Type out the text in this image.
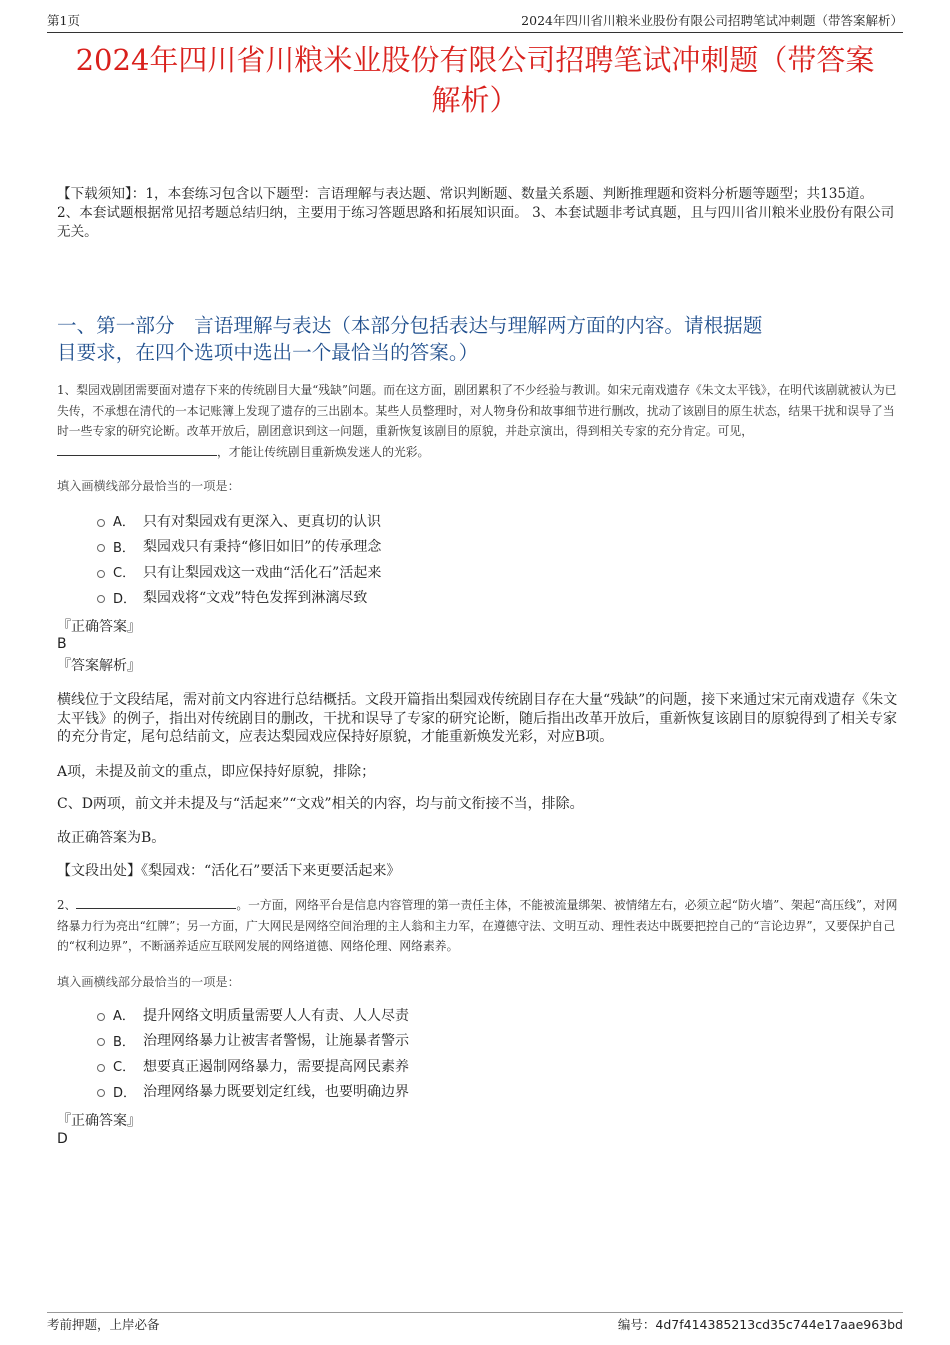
第1页	2024年四川省川粮米业股份有限公司招聘笔试冲刺题（带答案解析）
2024年四川省川粮米业股份有限公司招聘笔试冲刺题（带答案
解析）
【下载须知】：1，本套练习包含以下题型：言语理解与表达题、常识判断题、数量关系题、判断推理题和资料分析题等题型；共135道。 2、本套试题根据常见招考题总结归纳，主要用于练习答题思路和拓展知识面。 3、本套试题非考试真题，且与四川省川粮米业股份有限公司无关。
一、第一部分　言语理解与表达（本部分包括表达与理解两方面的内容。请根据题
目要求，在四个选项中选出一个最恰当的答案。）
1、梨园戏剧团需要面对遗存下来的传统剧目大量“残缺”问题。而在这方面，剧团累积了不少经验与教训。如宋元南戏遗存《朱文太平钱》，在明代该剧就被认为已失传，不承想在清代的一本记账簿上发现了遗存的三出剧本。某些人员整理时，对人物身份和故事细节进行删改，扰动了该剧目的原生状态，结果干扰和误导了当时一些专家的研究论断。改革开放后，剧团意识到这一问题，重新恢复该剧目的原貌，并赴京演出，得到相关专家的充分肯定。可见，，才能让传统剧目重新焕发迷人的光彩。
填入画横线部分最恰当的一项是：
A． 只有对梨园戏有更深入、更真切的认识
B． 梨园戏只有秉持“修旧如旧”的传承理念
C． 只有让梨园戏这一戏曲“活化石”活起来
D． 梨园戏将“文戏”特色发挥到淋漓尽致
『正确答案』
B
『答案解析』
横线位于文段结尾，需对前文内容进行总结概括。文段开篇指出梨园戏传统剧目存在大量“残缺”的问题，接下来通过宋元南戏遗存《朱文太平钱》的例子，指出对传统剧目的删改，干扰和误导了专家的研究论断，随后指出改革开放后，重新恢复该剧目的原貌得到了相关专家的充分肯定，尾句总结前文，应表达梨园戏应保持好原貌，才能重新焕发光彩，对应B项。
A项，未提及前文的重点，即应保持好原貌，排除；
C、D两项，前文并未提及与“活起来”“文戏”相关的内容，均与前文衔接不当，排除。
故正确答案为B。
【文段出处】《梨园戏：“活化石”要活下来更要活起来》
2、	。一方面，网络平台是信息内容管理的第一责任主体，不能被流量绑架、被情绪左右，必须立起“防火墙”、架起“高压线”，对网络暴力行为亮出“红牌”；另一方面，广大网民是网络空间治理的主人翁和主力军，在遵德守法、文明互动、理性表达中既要把控自己的“言论边界”，又要保护自己的“权利边界”，不断涵养适应互联网发展的网络道德、网络伦理、网络素养。
填入画横线部分最恰当的一项是：
A． 提升网络文明质量需要人人有责、人人尽责
B． 治理网络暴力让被害者警惕，让施暴者警示
C． 想要真正遏制网络暴力，需要提高网民素养
D． 治理网络暴力既要划定红线，也要明确边界
『正确答案』
D
考前押题，上岸必备	编号：4d7f414385213cd35c744e17aae963bd
